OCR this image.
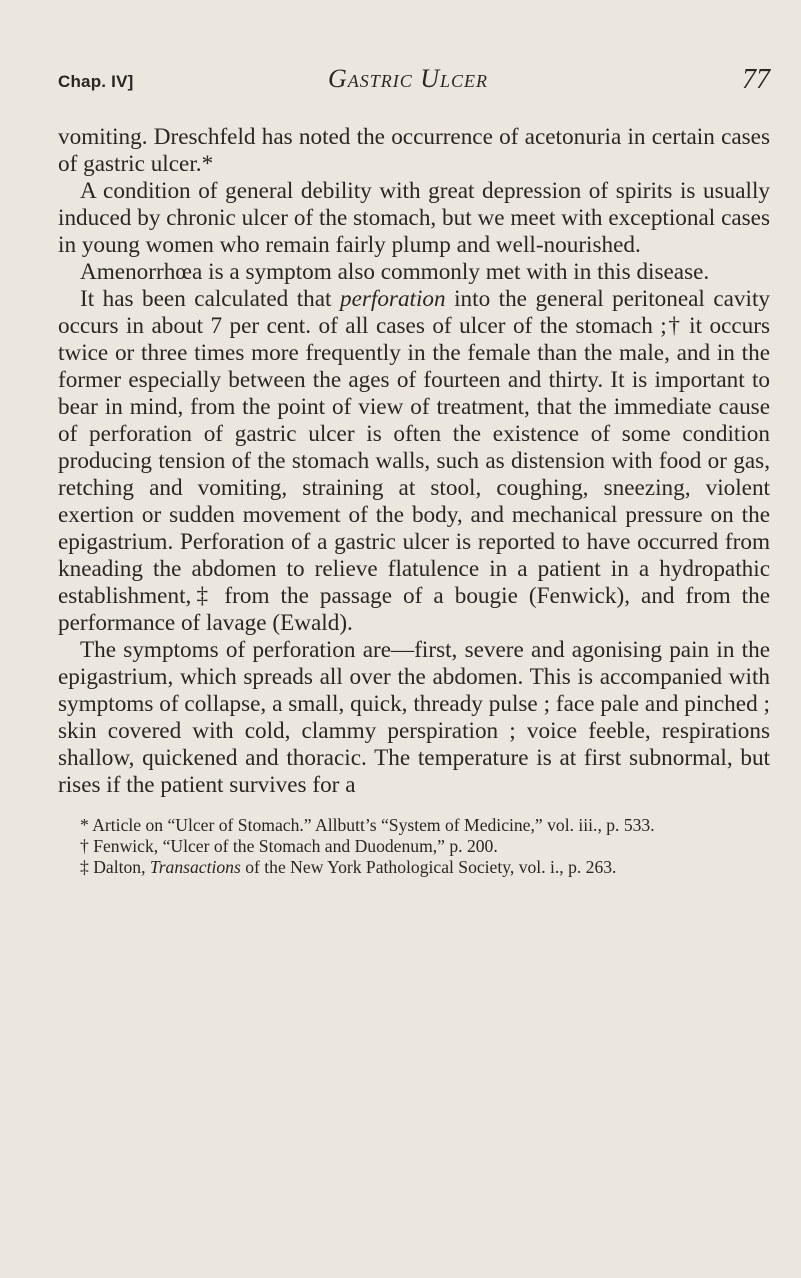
Chap. IV]	Gastric Ulcer	77

vomiting. Dreschfeld has noted the occurrence of acetonuria in certain cases of gastric ulcer.*

A condition of general debility with great depression of spirits is usually induced by chronic ulcer of the stomach, but we meet with exceptional cases in young women who remain fairly plump and well-nourished.

Amenorrhœa is a symptom also commonly met with in this disease.

It has been calculated that perforation into the general peritoneal cavity occurs in about 7 per cent. of all cases of ulcer of the stomach ;† it occurs twice or three times more frequently in the female than the male, and in the former especially between the ages of fourteen and thirty. It is important to bear in mind, from the point of view of treatment, that the immediate cause of perforation of gastric ulcer is often the existence of some condition producing tension of the stomach walls, such as distension with food or gas, retching and vomiting, straining at stool, coughing, sneezing, violent exertion or sudden movement of the body, and mechanical pressure on the epigastrium. Perforation of a gastric ulcer is reported to have occurred from kneading the abdomen to relieve flatulence in a patient in a hydropathic establishment,‡ from the passage of a bougie (Fenwick), and from the performance of lavage (Ewald).

The symptoms of perforation are—first, severe and agonising pain in the epigastrium, which spreads all over the abdomen. This is accompanied with symptoms of collapse, a small, quick, thready pulse ; face pale and pinched ; skin covered with cold, clammy perspiration ; voice feeble, respirations shallow, quickened and thoracic. The temperature is at first subnormal, but rises if the patient survives for a

* Article on “Ulcer of Stomach.” Allbutt’s “System of Medicine,” vol. iii., p. 533.

† Fenwick, “Ulcer of the Stomach and Duodenum,” p. 200.

‡ Dalton, Transactions of the New York Pathological Society, vol. i., p. 263.
